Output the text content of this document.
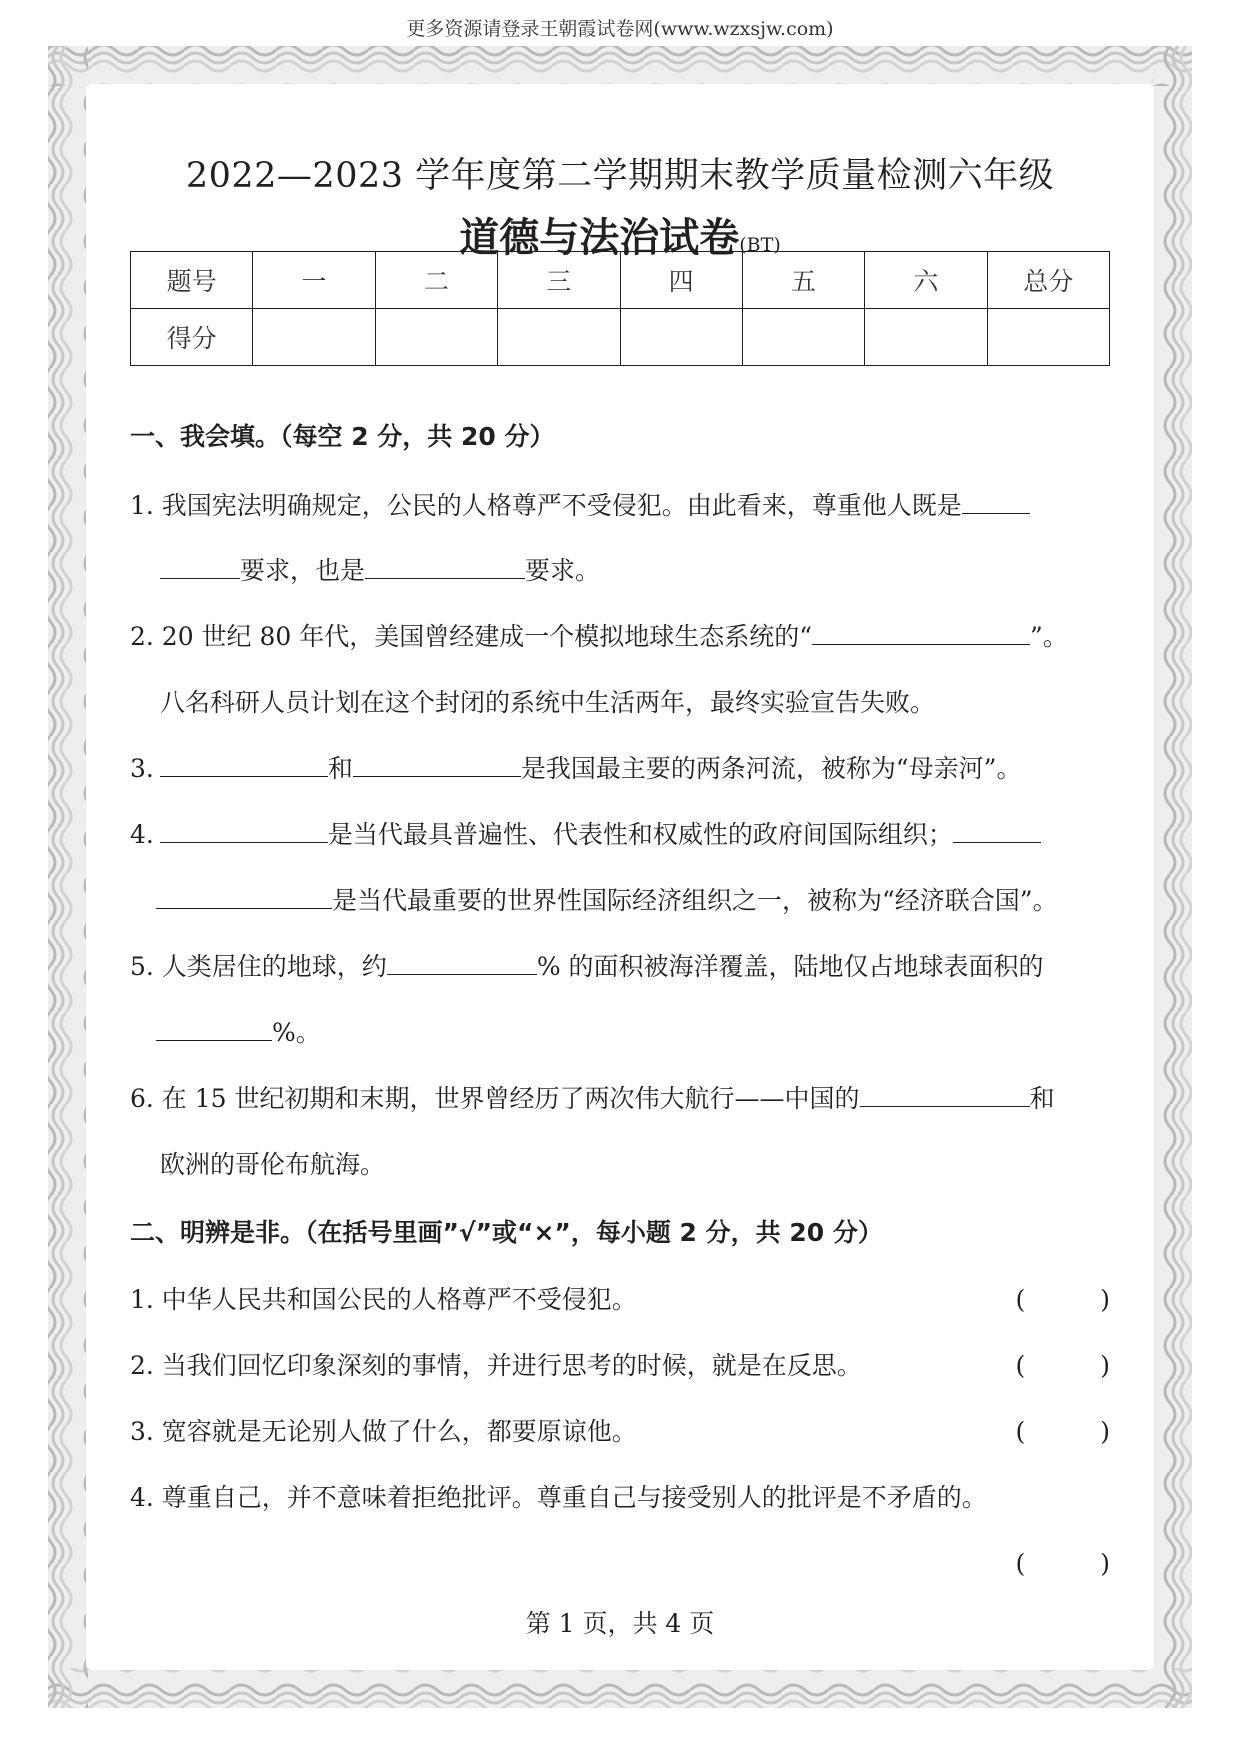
更多资源请登录王朝霞试卷网(www.wzxsjw.com)
2022—2023 学年度第二学期期末教学质量检测六年级
道德与法治试卷(BT)
题号	一	二	三	四	五	六	总分
得分							
一、我会填。（每空 2 分，共 20 分）
1. 我国宪法明确规定，公民的人格尊严不受侵犯。由此看来，尊重他人既是
要求，也是	要求。
2. 20 世纪 80 年代，美国曾经建成一个模拟地球生态系统的“	”。
八名科研人员计划在这个封闭的系统中生活两年，最终实验宣告失败。
3.	和	是我国最主要的两条河流，被称为“母亲河”。
4.	是当代最具普遍性、代表性和权威性的政府间国际组织；
是当代最重要的世界性国际经济组织之一，被称为“经济联合国”。
5. 人类居住的地球，约	% 的面积被海洋覆盖，陆地仅占地球表面积的
%。
6. 在 15 世纪初期和末期，世界曾经历了两次伟大航行——中国的	和
欧洲的哥伦布航海。
二、明辨是非。（在括号里画”√”或“×”，每小题 2 分，共 20 分）
1. 中华人民共和国公民的人格尊严不受侵犯。	(　　　)
2. 当我们回忆印象深刻的事情，并进行思考的时候，就是在反思。	(　　　)
3. 宽容就是无论别人做了什么，都要原谅他。	(　　　)
4. 尊重自己，并不意味着拒绝批评。尊重自己与接受别人的批评是不矛盾的。
(　　　)
第 1 页，共 4 页
